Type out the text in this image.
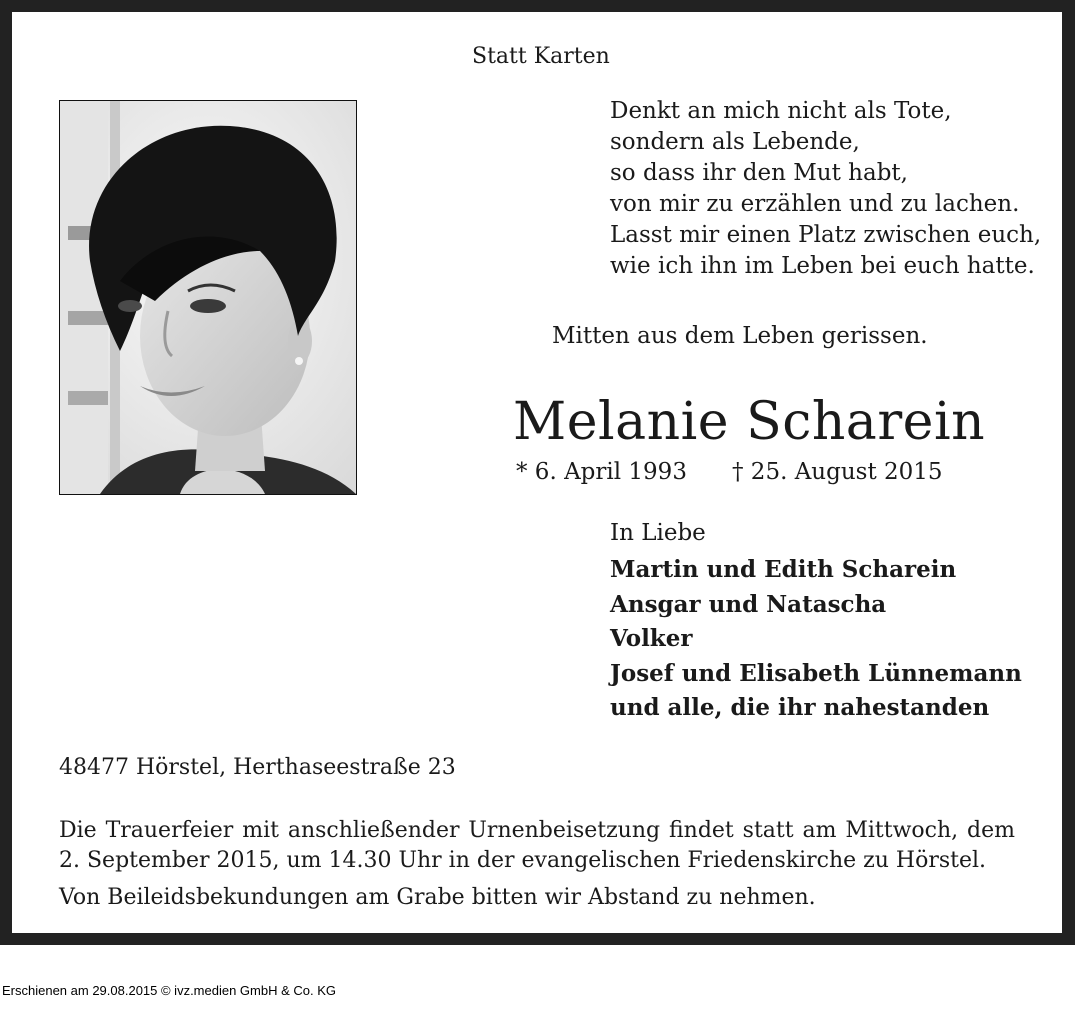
Statt Karten
Denkt an mich nicht als Tote,
sondern als Lebende,
so dass ihr den Mut habt,
von mir zu erzählen und zu lachen.
Lasst mir einen Platz zwischen euch,
wie ich ihn im Leben bei euch hatte.
Mitten aus dem Leben gerissen.
Melanie Scharein
* 6. April 1993 † 25. August 2015
In Liebe
Martin und Edith Scharein
Ansgar und Natascha
Volker
Josef und Elisabeth Lünnemann
und alle, die ihr nahestanden
48477 Hörstel, Herthaseestraße 23
Die Trauerfeier mit anschließender Urnenbeisetzung findet statt am Mittwoch, dem 2. September 2015, um 14.30 Uhr in der evangelischen Friedenskirche zu Hörstel.
Von Beileidsbekundungen am Grabe bitten wir Abstand zu nehmen.
Erschienen am 29.08.2015 © ivz.medien GmbH & Co. KG
